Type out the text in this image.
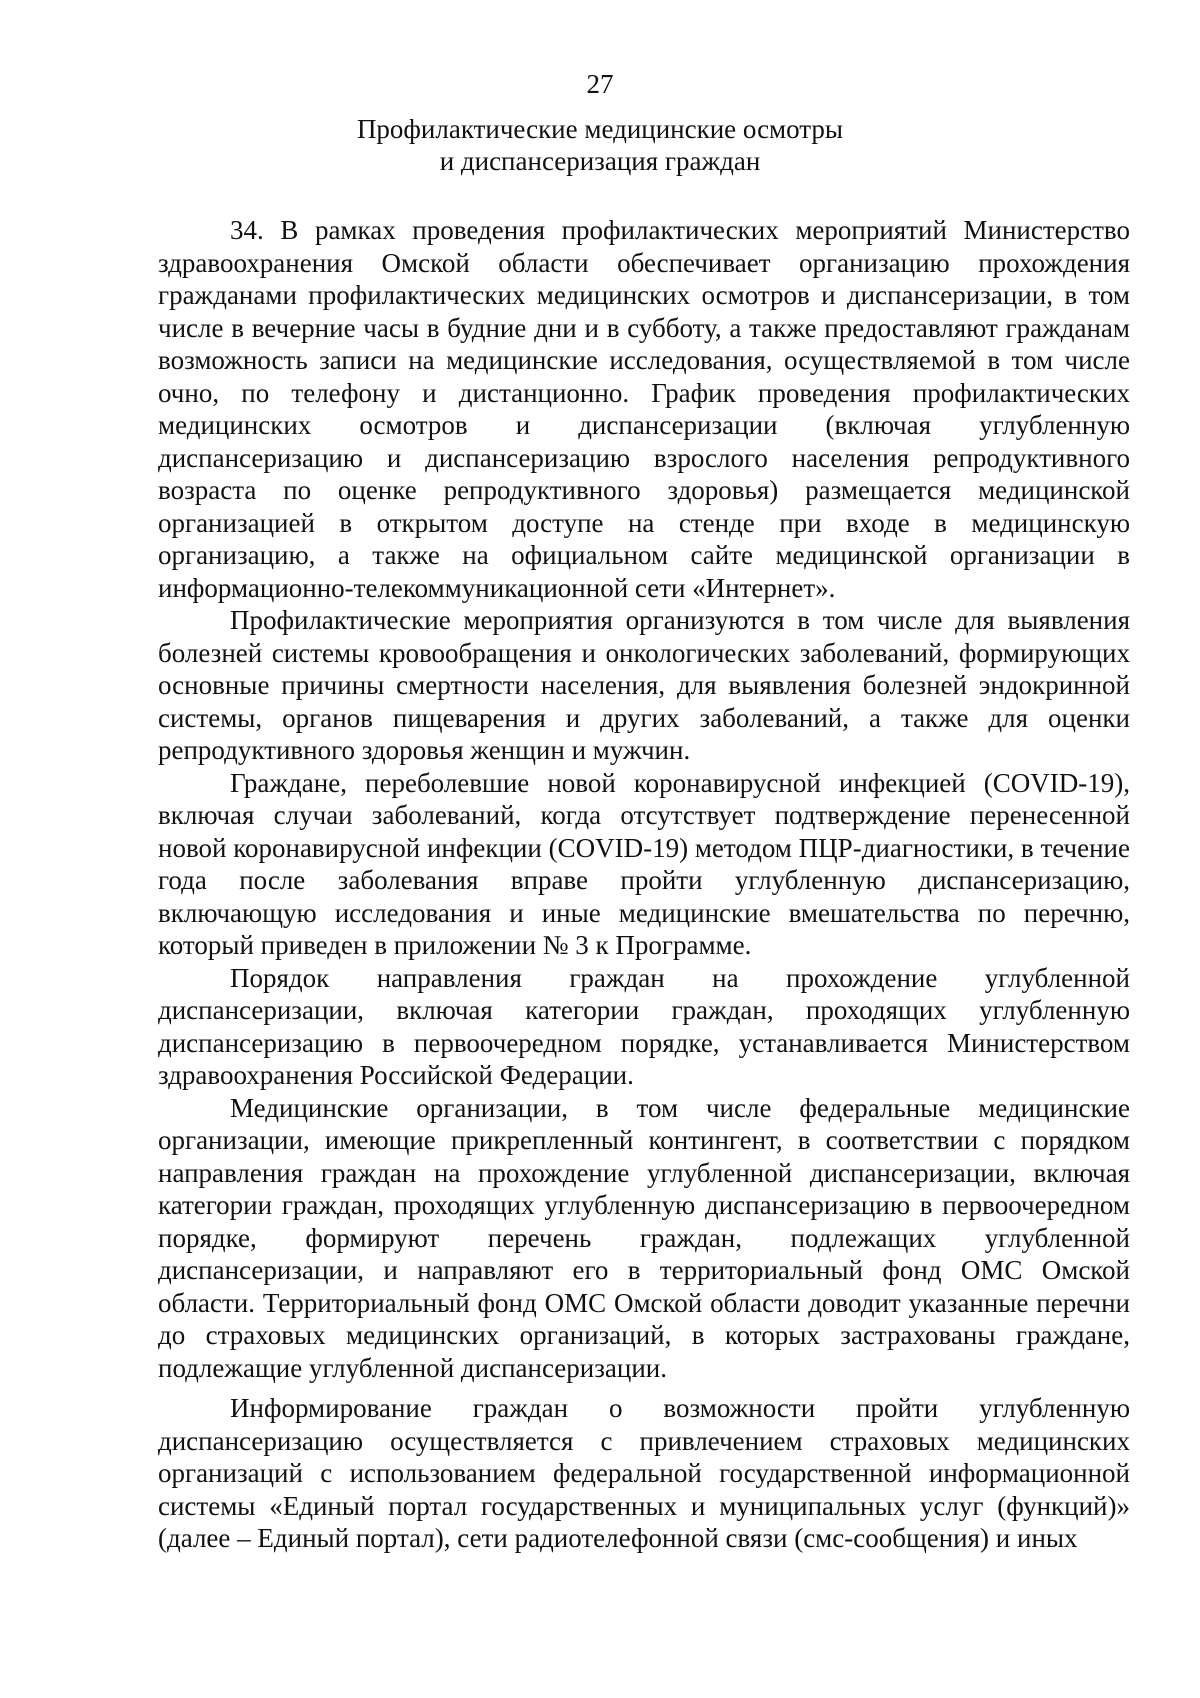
27
Профилактические медицинские осмотры
и диспансеризация граждан

34. В рамках проведения профилактических мероприятий Министерство здравоохранения Омской области обеспечивает организацию прохождения гражданами профилактических медицинских осмотров и диспансеризации, в том числе в вечерние часы в будние дни и в субботу, а также предоставляют гражданам возможность записи на медицинские исследования, осуществляемой в том числе очно, по телефону и дистанционно. График проведения профилактических медицинских осмотров и диспансеризации (включая углубленную диспансеризацию и диспансеризацию взрослого населения репродуктивного возраста по оценке репродуктивного здоровья) размещается медицинской организацией в открытом доступе на стенде при входе в медицинскую организацию, а также на официальном сайте медицинской организации в информационно-телекоммуникационной сети «Интернет».

Профилактические мероприятия организуются в том числе для выявления болезней системы кровообращения и онкологических заболеваний, формирующих основные причины смертности населения, для выявления болезней эндокринной системы, органов пищеварения и других заболеваний, а также для оценки репродуктивного здоровья женщин и мужчин.

Граждане, переболевшие новой коронавирусной инфекцией (COVID-19), включая случаи заболеваний, когда отсутствует подтверждение перенесенной новой коронавирусной инфекции (COVID-19) методом ПЦР-диагностики, в течение года после заболевания вправе пройти углубленную диспансеризацию, включающую исследования и иные медицинские вмешательства по перечню, который приведен в приложении № 3 к Программе.

Порядок направления граждан на прохождение углубленной диспансеризации, включая категории граждан, проходящих углубленную диспансеризацию в первоочередном порядке, устанавливается Министерством здравоохранения Российской Федерации.

Медицинские организации, в том числе федеральные медицинские организации, имеющие прикрепленный контингент, в соответствии с порядком направления граждан на прохождение углубленной диспансеризации, включая категории граждан, проходящих углубленную диспансеризацию в первоочередном порядке, формируют перечень граждан, подлежащих углубленной диспансеризации, и направляют его в территориальный фонд ОМС Омской области. Территориальный фонд ОМС Омской области доводит указанные перечни до страховых медицинских организаций, в которых застрахованы граждане, подлежащие углубленной диспансеризации.

Информирование граждан о возможности пройти углубленную диспансеризацию осуществляется с привлечением страховых медицинских организаций с использованием федеральной государственной информационной системы «Единый портал государственных и муниципальных услуг (функций)» (далее – Единый портал), сети радиотелефонной связи (смс-сообщения) и иных
